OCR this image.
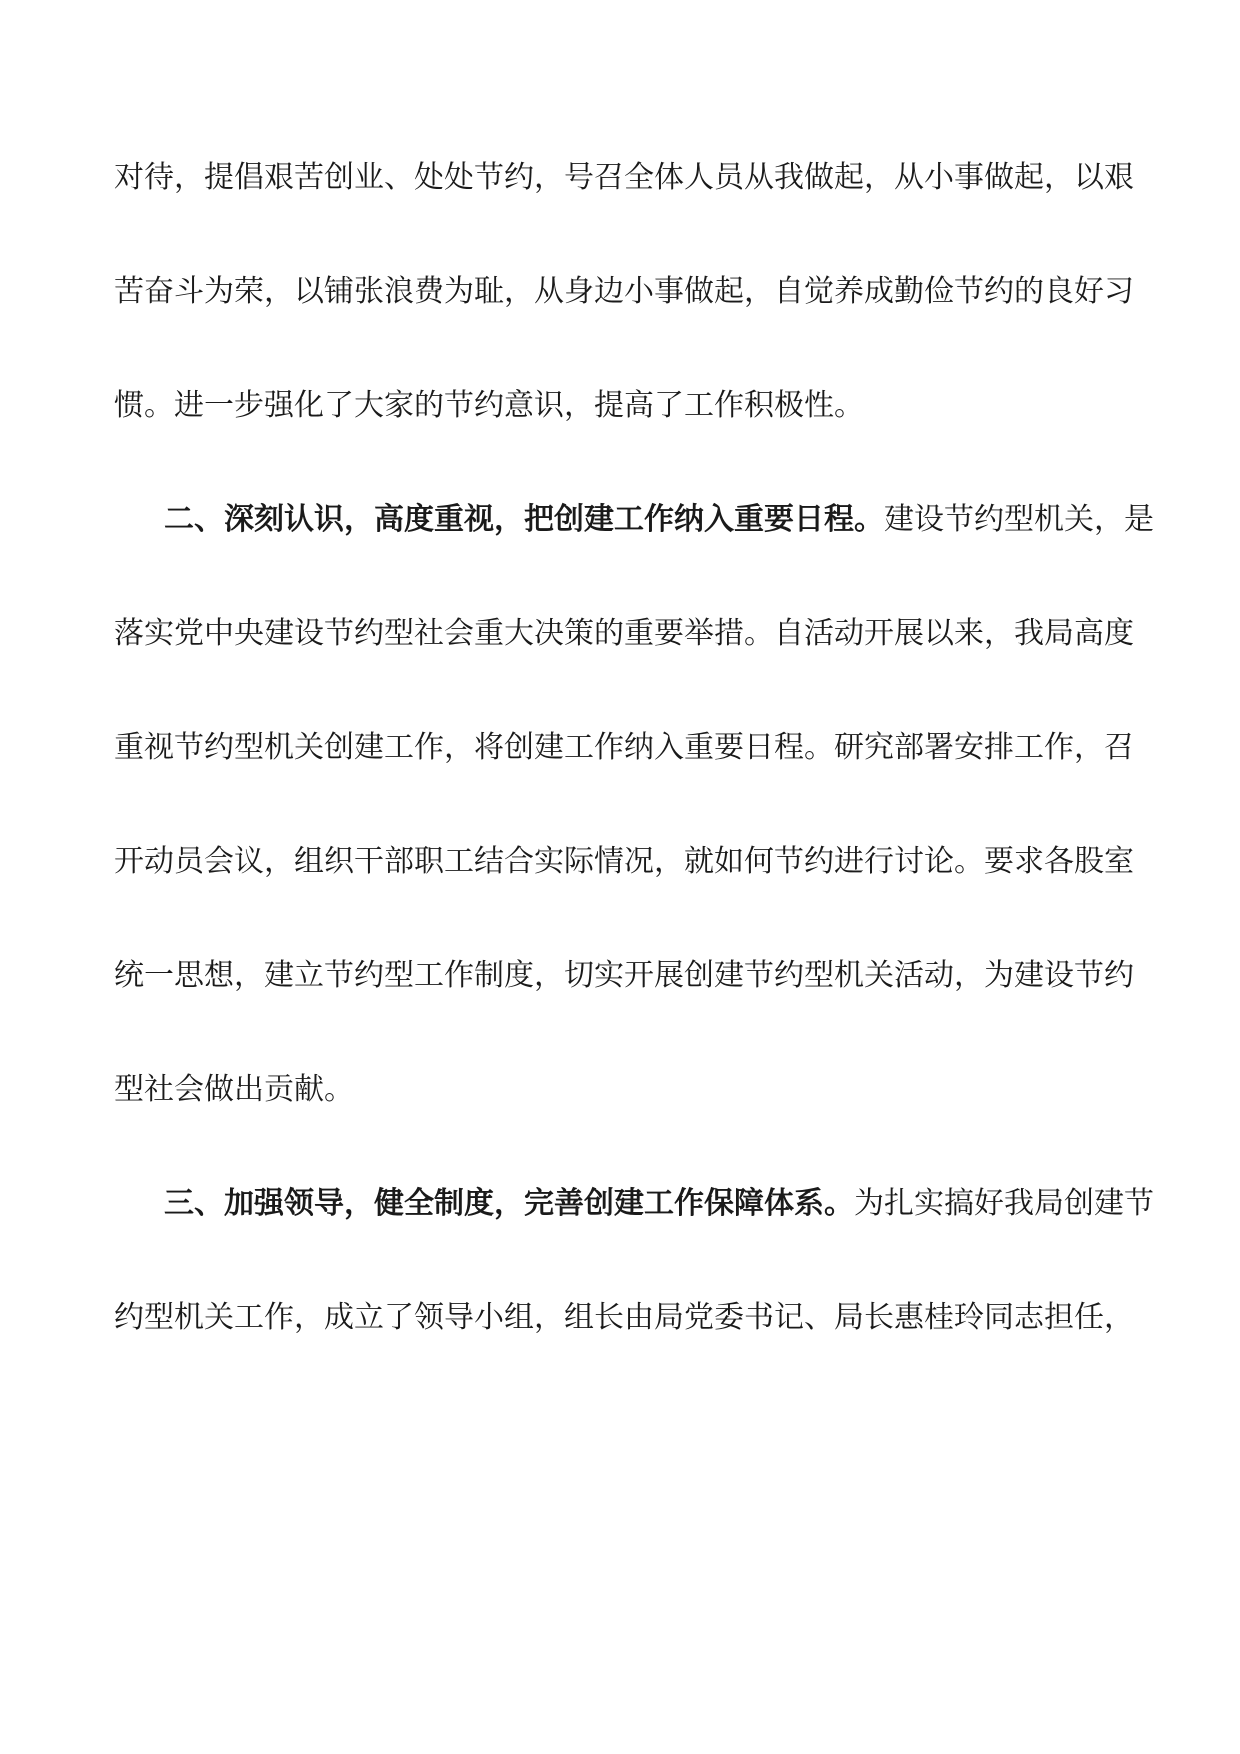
对待，提倡艰苦创业、处处节约，号召全体人员从我做起，从小事做起，以艰
苦奋斗为荣，以铺张浪费为耻，从身边小事做起，自觉养成勤俭节约的良好习
惯。进一步强化了大家的节约意识，提高了工作积极性。
二、深刻认识，高度重视，把创建工作纳入重要日程。建设节约型机关，是
落实党中央建设节约型社会重大决策的重要举措。自活动开展以来，我局高度
重视节约型机关创建工作，将创建工作纳入重要日程。研究部署安排工作，召
开动员会议，组织干部职工结合实际情况，就如何节约进行讨论。要求各股室
统一思想，建立节约型工作制度，切实开展创建节约型机关活动，为建设节约
型社会做出贡献。
三、加强领导，健全制度，完善创建工作保障体系。为扎实搞好我局创建节
约型机关工作，成立了领导小组，组长由局党委书记、局长惠桂玲同志担任，
